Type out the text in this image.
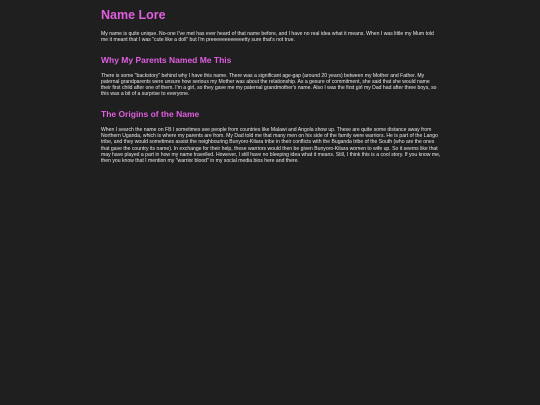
Name Lore

My name is quite unique. No-one I've met has ever heard of that name before, and I have no real idea what it means. When I was little my Mum told me it meant that I was "cute like a doll" but I'm preeeeeeeeeeeetty sure that's not true.

Why My Parents Named Me This

There is some "backstory" behind why I have this name. There was a significant age-gap (around 20 years) between my Mother and Father. My paternal grandparents were unsure how serious my Mother was about the relationship. As a gesure of commitment, she said that she would name their first child after one of them. I'm a girl, so they gave me my paternal grandmother's name. Also I was the first girl my Dad had after three boys, so this was a bit of a surprise to everyone.

The Origins of the Name

When I search the name on FB I sometimes see people from countries like Malawi and Angola show up. These are quite some distance away from Northern Uganda, which is where my parents are from. My Dad told me that many men on his side of the family were warriors. He is part of the Lango tribe, and they would sometimes assist the neighbouring Bunyoro-Kitara tribe in their conflicts with the Buganda tribe of the South (who are the ones that gave the country its name). In exchange for their help, these warriors would then be given Bunyoro-Kitara women to wife up. So it seems like that may have played a part in how my name travelled. However, I still have no bleeping idea what it means. Still, I think this is a cool story. If you know me, then you know that I mention my "warrior blood" in my social media bios here and there.
